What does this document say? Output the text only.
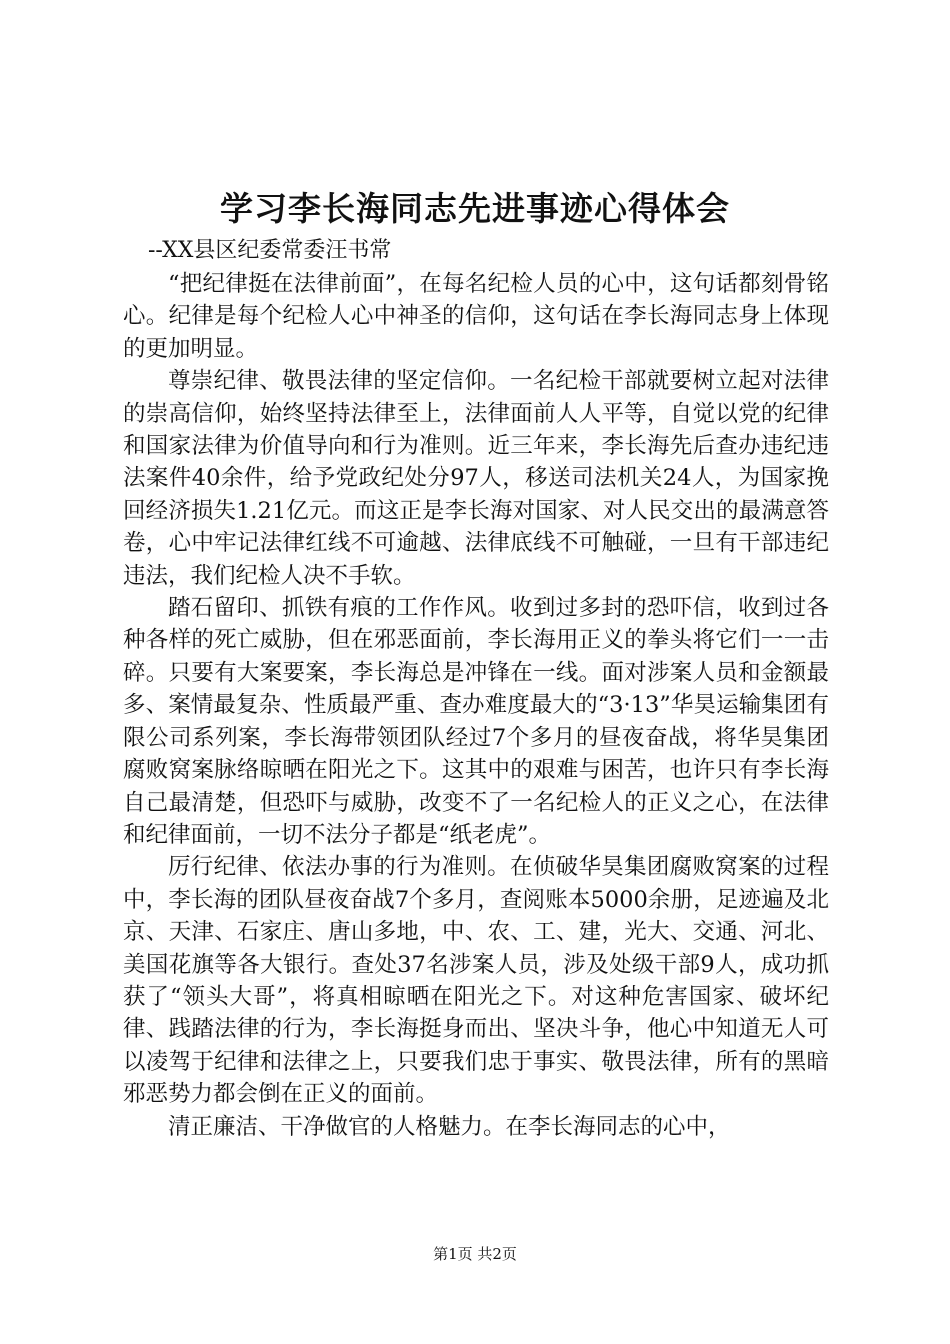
学习李长海同志先进事迹心得体会
--XX县区纪委常委汪书常

“把纪律挺在法律前面”，在每名纪检人员的心中，这句话都刻骨铭心。纪律是每个纪检人心中神圣的信仰，这句话在李长海同志身上体现的更加明显。

尊崇纪律、敬畏法律的坚定信仰。一名纪检干部就要树立起对法律的崇高信仰，始终坚持法律至上，法律面前人人平等，自觉以党的纪律和国家法律为价值导向和行为准则。近三年来，李长海先后查办违纪违法案件40余件，给予党政纪处分97人，移送司法机关24人，为国家挽回经济损失1.21亿元。而这正是李长海对国家、对人民交出的最满意答卷，心中牢记法律红线不可逾越、法律底线不可触碰，一旦有干部违纪违法，我们纪检人决不手软。

踏石留印、抓铁有痕的工作作风。收到过多封的恐吓信，收到过各种各样的死亡威胁，但在邪恶面前，李长海用正义的拳头将它们一一击碎。只要有大案要案，李长海总是冲锋在一线。面对涉案人员和金额最多、案情最复杂、性质最严重、查办难度最大的“3·13”华昊运输集团有限公司系列案，李长海带领团队经过7个多月的昼夜奋战，将华昊集团腐败窝案脉络晾晒在阳光之下。这其中的艰难与困苦，也许只有李长海自己最清楚，但恐吓与威胁，改变不了一名纪检人的正义之心，在法律和纪律面前，一切不法分子都是“纸老虎”。

厉行纪律、依法办事的行为准则。在侦破华昊集团腐败窝案的过程中，李长海的团队昼夜奋战7个多月，查阅账本5000余册，足迹遍及北京、天津、石家庄、唐山多地，中、农、工、建，光大、交通、河北、美国花旗等各大银行。查处37名涉案人员，涉及处级干部9人，成功抓获了“领头大哥”，将真相晾晒在阳光之下。对这种危害国家、破坏纪律、践踏法律的行为，李长海挺身而出、坚决斗争，他心中知道无人可以凌驾于纪律和法律之上，只要我们忠于事实、敬畏法律，所有的黑暗邪恶势力都会倒在正义的面前。

清正廉洁、干净做官的人格魅力。在李长海同志的心中，

第1页 共2页
